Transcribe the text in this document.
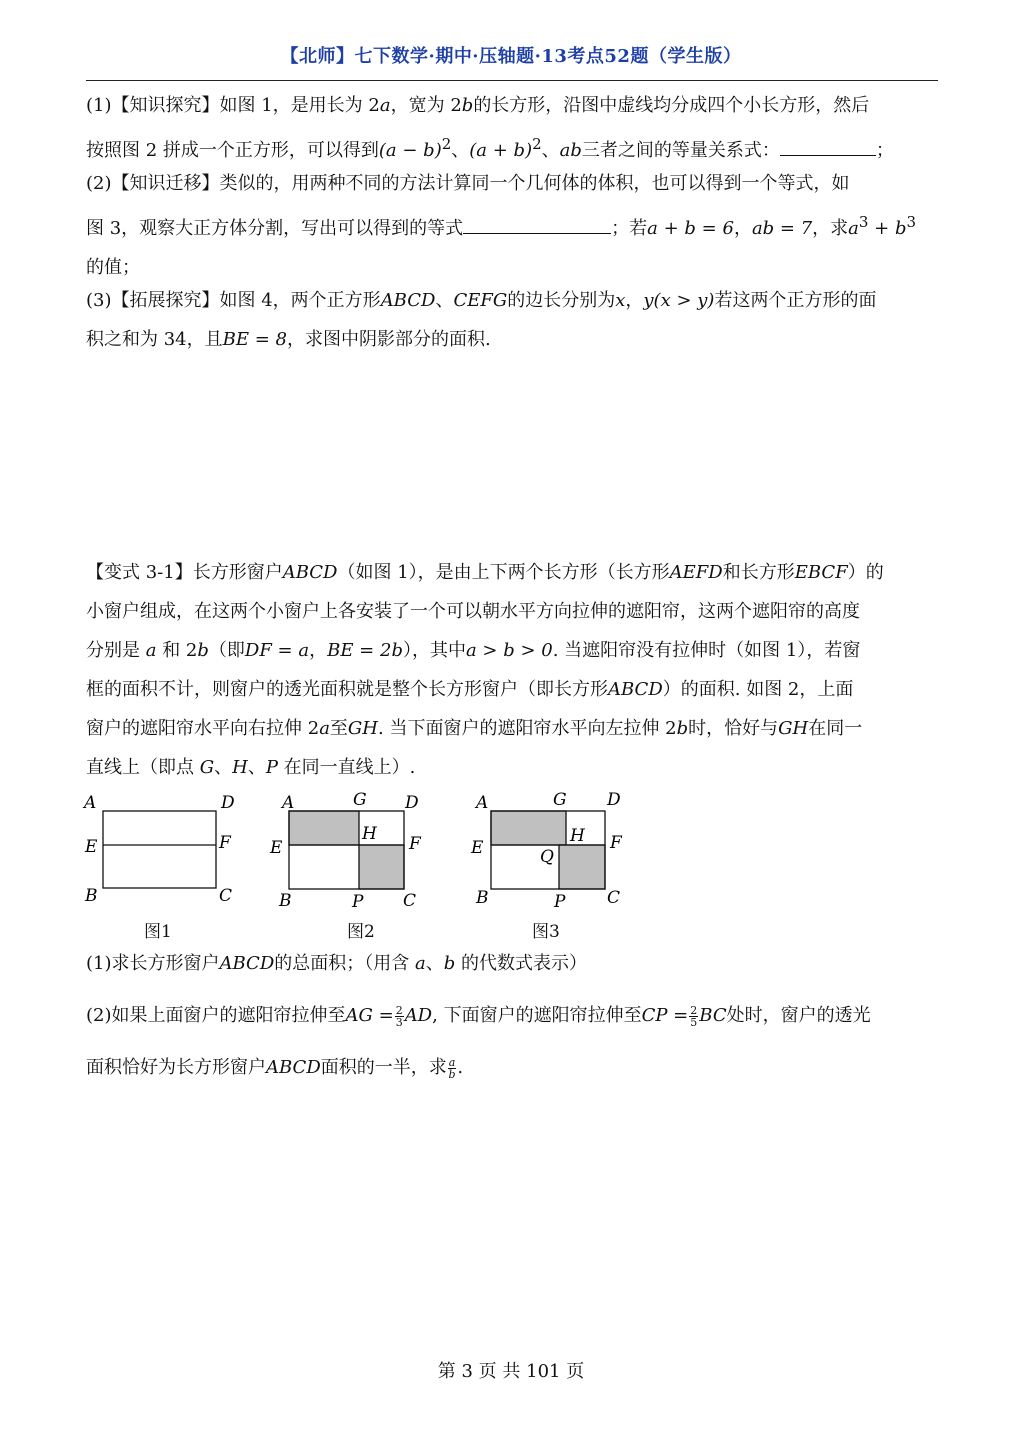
【北师】七下数学·期中·压轴题·13考点52题（学生版）

(1)【知识探究】如图 1，是用长为 2a，宽为 2b的长方形，沿图中虚线均分成四个小长方形，然后
按照图 2 拼成一个正方形，可以得到$(a - b)^2$、$(a + b)^2$、ab三者之间的等量关系式：	；

(2)【知识迁移】类似的，用两种不同的方法计算同一个几何体的体积，也可以得到一个等式，如
图 3，观察大正方体分割，写出可以得到的等式	；若a + b = 6，ab = 7，求$a^3 + b^3$
的值；

(3)【拓展探究】如图 4，两个正方形ABCD、CEFG的边长分别为x，y(x > y)若这两个正方形的面
积之和为 34，且BE = 8，求图中阴影部分的面积.

【变式 3-1】长方形窗户ABCD（如图 1），是由上下两个长方形（长方形AEFD和长方形EBCF）的
小窗户组成，在这两个小窗户上各安装了一个可以朝水平方向拉伸的遮阳帘，这两个遮阳帘的高度
分别是 a 和 2b（即DF = a，BE = 2b），其中a > b > 0. 当遮阳帘没有拉伸时（如图 1），若窗
框的面积不计，则窗户的透光面积就是整个长方形窗户（即长方形ABCD）的面积. 如图 2，上面
窗户的遮阳帘水平向右拉伸 2a至GH. 当下面窗户的遮阳帘水平向左拉伸 2b时，恰好与GH在同一
直线上（即点 G、H、P 在同一直线上）.

A	D
E	F
B	C
图1
A	G D
H
E	F
B	P C
图2
A	G D
H
E	F
Q
B	P C
图3

(1)求长方形窗户ABCD的总面积；（用含 a、b 的代数式表示）

(2)如果上面窗户的遮阳帘拉伸至AG = $\frac{2}{3}$ AD, 下面窗户的遮阳帘拉伸至CP = $\frac{2}{5}$ BC处时，窗户的透光
面积恰好为长方形窗户ABCD面积的一半，求 $\frac{a}{b}$ .

第 3 页 共 101 页
